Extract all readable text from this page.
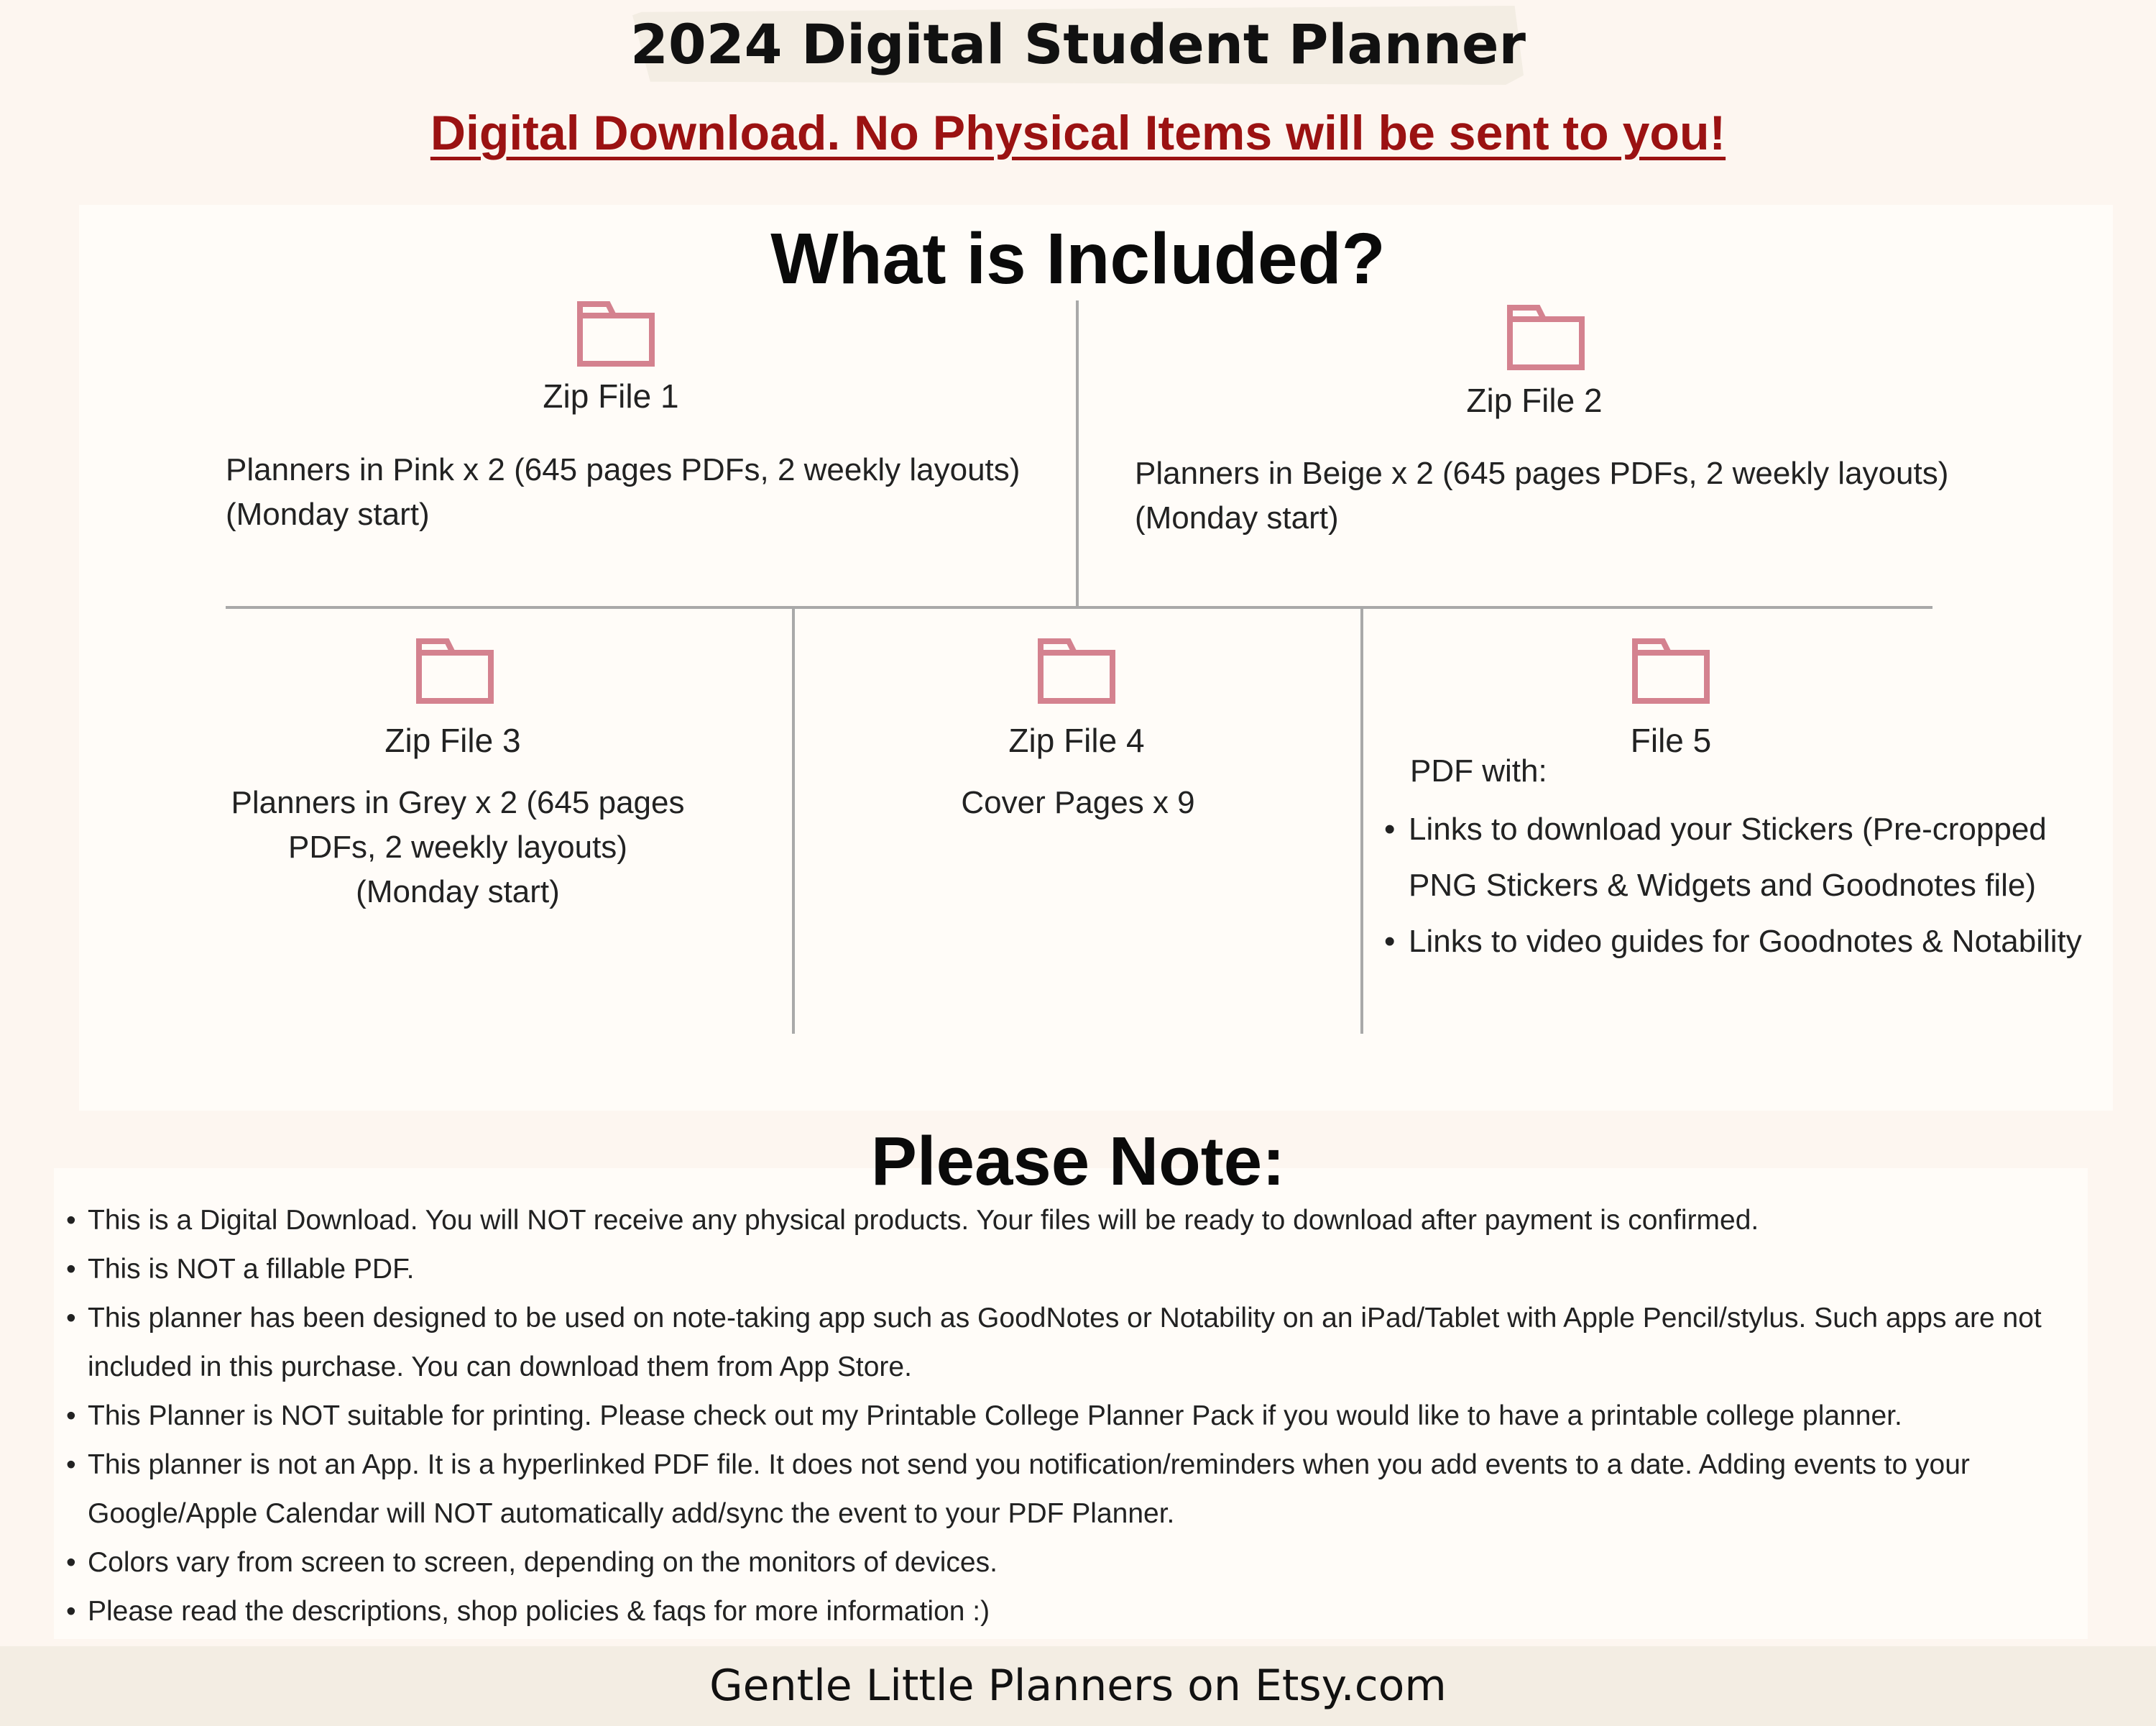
2024 Digital Student Planner
Digital Download. No Physical Items will be sent to you!
What is Included?
Zip File 1
Planners in Pink x 2 (645 pages PDFs, 2 weekly layouts)
(Monday start)
Zip File 2
Planners in Beige x 2 (645 pages PDFs, 2 weekly layouts)
(Monday start)
Zip File 3
Planners in Grey x 2 (645 pages
PDFs, 2 weekly layouts)
(Monday start)
Zip File 4
Cover Pages x 9
File 5
PDF with:
• Links to download your Stickers (Pre-cropped PNG Stickers & Widgets and Goodnotes file)
• Links to video guides for Goodnotes & Notability
Please Note:
• This is a Digital Download. You will NOT receive any physical products. Your files will be ready to download after payment is confirmed.
• This is NOT a fillable PDF.
• This planner has been designed to be used on note-taking app such as GoodNotes or Notability on an iPad/Tablet with Apple Pencil/stylus. Such apps are not included in this purchase. You can download them from App Store.
• This Planner is NOT suitable for printing. Please check out my Printable College Planner Pack if you would like to have a printable college planner.
• This planner is not an App. It is a hyperlinked PDF file. It does not send you notification/reminders when you add events to a date. Adding events to your Google/Apple Calendar will NOT automatically add/sync the event to your PDF Planner.
• Colors vary from screen to screen, depending on the monitors of devices.
• Please read the descriptions, shop policies & faqs for more information :)
Gentle Little Planners on Etsy.com
